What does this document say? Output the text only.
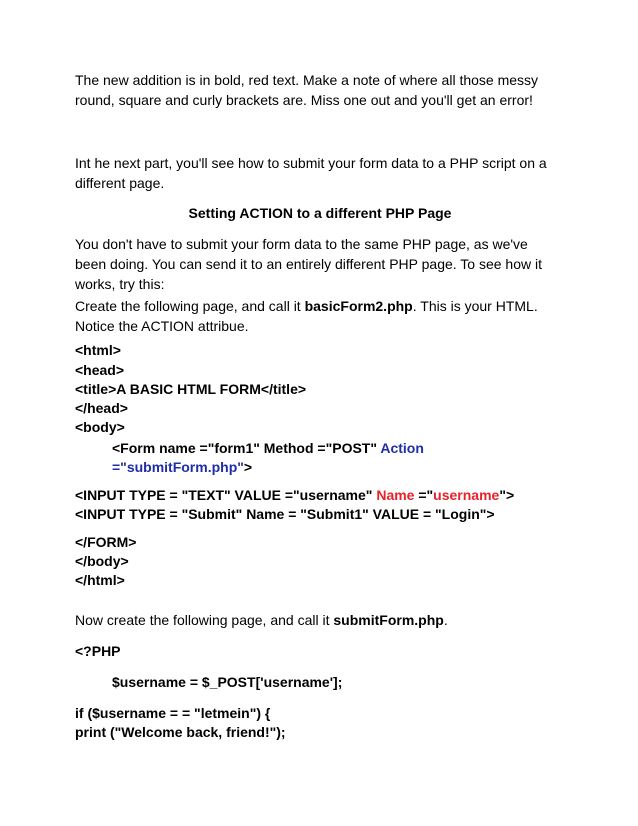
The new addition is in bold, red text. Make a note of where all those messy
round, square and curly brackets are. Miss one out and you'll get an error!
Int he next part, you'll see how to submit your form data to a PHP script on a
different page.
Setting ACTION to a different PHP Page
You don't have to submit your form data to the same PHP page, as we've
been doing. You can send it to an entirely different PHP page. To see how it
works, try this:
Create the following page, and call it basicForm2.php. This is your HTML.
Notice the ACTION attribue.
<html>
<head>
<title>A BASIC HTML FORM</title>
</head>
<body>
<Form name ="form1" Method ="POST" Action
="submitForm.php">
<INPUT TYPE = "TEXT" VALUE ="username" Name ="username">
<INPUT TYPE = "Submit" Name = "Submit1" VALUE = "Login">
</FORM>
</body>
</html>
Now create the following page, and call it submitForm.php.
<?PHP
$username = $_POST['username'];
if ($username = = "letmein") {
print ("Welcome back, friend!");
